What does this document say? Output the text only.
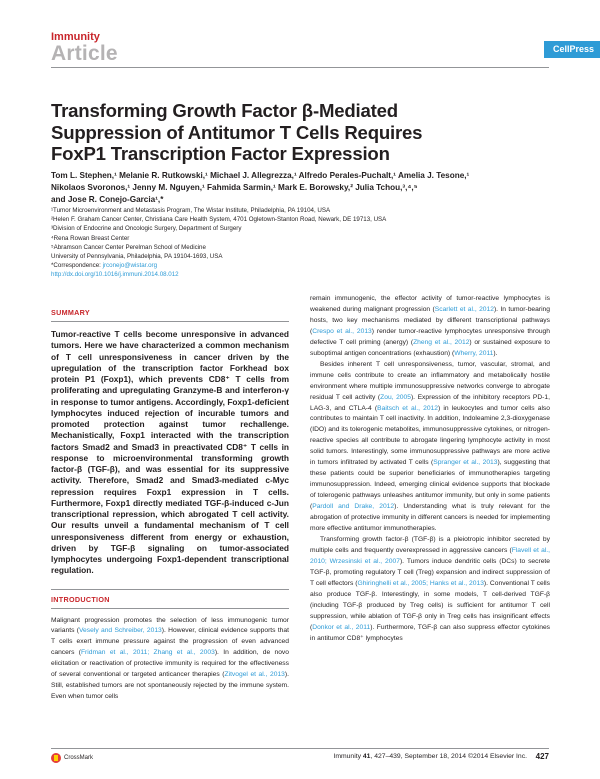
Immunity
Article	CellPress
Transforming Growth Factor β-Mediated
Suppression of Antitumor T Cells Requires
FoxP1 Transcription Factor Expression
Tom L. Stephen,¹ Melanie R. Rutkowski,¹ Michael J. Allegrezza,¹ Alfredo Perales-Puchalt,¹ Amelia J. Tesone,¹
Nikolaos Svoronos,¹ Jenny M. Nguyen,¹ Fahmida Sarmin,¹ Mark E. Borowsky,² Julia Tchou,³,⁴,⁵
and Jose R. Conejo-Garcia¹,*
¹Tumor Microenvironment and Metastasis Program, The Wistar Institute, Philadelphia, PA 19104, USA
²Helen F. Graham Cancer Center, Christiana Care Health System, 4701 Ogletown-Stanton Road, Newark, DE 19713, USA
³Division of Endocrine and Oncologic Surgery, Department of Surgery
⁴Rena Rowan Breast Center
⁵Abramson Cancer Center Perelman School of Medicine
University of Pennsylvania, Philadelphia, PA 19104-1693, USA
*Correspondence: jrconejo@wistar.org
http://dx.doi.org/10.1016/j.immuni.2014.08.012
SUMMARY

Tumor-reactive T cells become unresponsive in advanced tumors. Here we have characterized a common mechanism of T cell unresponsiveness in cancer driven by the upregulation of the transcription factor Forkhead box protein P1 (Foxp1), which prevents CD8⁺ T cells from proliferating and upregulating Granzyme-B and interferon-γ in response to tumor antigens. Accordingly, Foxp1-deficient lymphocytes induced rejection of incurable tumors and promoted protection against tumor rechallenge. Mechanistically, Foxp1 interacted with the transcription factors Smad2 and Smad3 in preactivated CD8⁺ T cells in response to microenvironmental transforming growth factor-β (TGF-β), and was essential for its suppressive activity. Therefore, Smad2 and Smad3-mediated c-Myc repression requires Foxp1 expression in T cells. Furthermore, Foxp1 directly mediated TGF-β-induced c-Jun transcriptional repression, which abrogated T cell activity. Our results unveil a fundamental mechanism of T cell unresponsiveness different from energy or exhaustion, driven by TGF-β signaling on tumor-associated lymphocytes undergoing Foxp1-dependent transcriptional regulation.

INTRODUCTION

Malignant progression promotes the selection of less immunogenic tumor variants (Vesely and Schreiber, 2013). However, clinical evidence supports that T cells exert immune pressure against the progression of even advanced cancers (Fridman et al., 2011; Zhang et al., 2003). In addition, de novo elicitation or reactivation of protective immunity is required for the effectiveness of several conventional or targeted anticancer therapies (Zitvogel et al., 2013). Still, established tumors are not spontaneously rejected by the immune system. Even when tumor cells

remain immunogenic, the effector activity of tumor-reactive lymphocytes is weakened during malignant progression (Scarlett et al., 2012). In tumor-bearing hosts, two key mechanisms mediated by different transcriptional pathways (Crespo et al., 2013) render tumor-reactive lymphocytes unresponsive through defective T cell priming (anergy) (Zheng et al., 2012) or sustained exposure to suboptimal antigen concentrations (exhaustion) (Wherry, 2011).

Besides inherent T cell unresponsiveness, tumor, vascular, stromal, and immune cells contribute to create an inflammatory and metabolically hostile environment where multiple immunosuppressive networks converge to abrogate residual T cell activity (Zou, 2005). Expression of the inhibitory receptors PD-1, LAG-3, and CTLA-4 (Baitsch et al., 2012) in leukocytes and tumor cells also contributes to maintain T cell inactivity. In addition, Indoleamine 2,3-dioxygenase (IDO) and its tolerogenic metabolites, immunosuppressive cytokines, or nitrogen-reactive species all contribute to abrogate lingering lymphocyte activity in most solid tumors. Interestingly, some immunosuppressive pathways are more active in tumors infiltrated by activated T cells (Spranger et al., 2013), suggesting that these patients could be superior beneficiaries of immunotherapies targeting immunosuppression. Indeed, emerging clinical evidence supports that blockade of tolerogenic pathways unleashes antitumor immunity, but only in some patients (Pardoll and Drake, 2012). Understanding what is truly relevant for the abrogation of protective immunity in different cancers is needed for implementing more effective antitumor immunotherapies.

Transforming growth factor-β (TGF-β) is a pleiotropic inhibitor secreted by multiple cells and frequently overexpressed in aggressive cancers (Flavell et al., 2010; Wrzesinski et al., 2007). Tumors induce dendritic cells (DCs) to secrete TGF-β, promoting regulatory T cell (Treg) expansion and indirect suppression of T cell effectors (Ghiringhelli et al., 2005; Hanks et al., 2013). Conventional T cells also produce TGF-β. Interestingly, in some models, T cell-derived TGF-β (including TGF-β produced by Treg cells) is sufficient for antitumor T cell suppression, while ablation of TGF-β only in Treg cells has insignificant effects (Donkor et al., 2011). Furthermore, TGF-β can also suppress effector cytokines in antitumor CD8⁺ lymphocytes

CrossMark	Immunity 41, 427–439, September 18, 2014 ©2014 Elsevier Inc. 427
